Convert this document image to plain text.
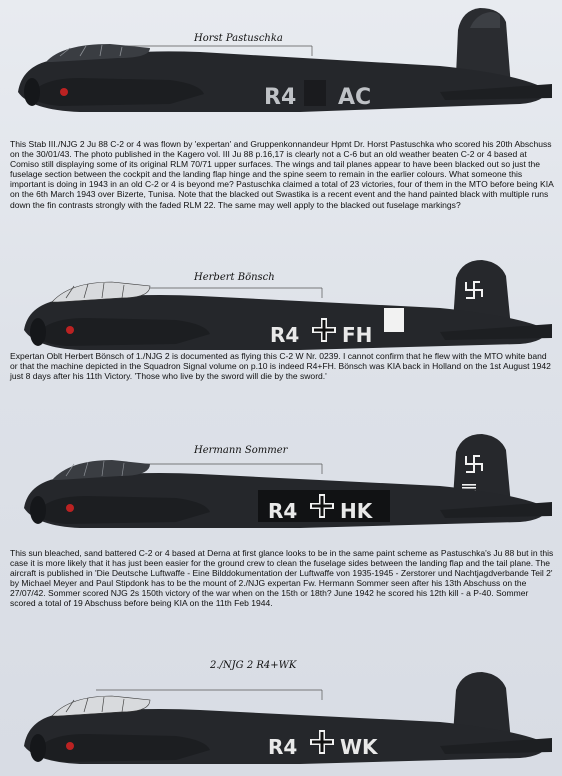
Horst Pastuschka
R4 AC
This Stab III./NJG 2 Ju 88 C-2 or 4 was flown by 'expertan' and Gruppenkonnandeur Hpmt Dr. Horst Pastuschka who scored his 20th Abschuss on the 30/01/43. The photo published in the Kagero vol. III Ju 88 p.16,17 is clearly not a C-6 but an old weather beaten C-2 or 4 based at Comiso still displaying some of its original RLM 70/71 upper surfaces. The wings and tail planes appear to have been blacked out so just the fuselage section between the cockpit and the landing flap hinge and the spine seem to remain in the earlier colours. What someone this important is doing in 1943 in an old C-2 or 4 is beyond me? Pastuschka claimed a total of 23 victories, four of them in the MTO before being KIA on the 6th March 1943 over Bizerte, Tunisa. Note that the blacked out Swastika is a recent event and the hand painted black with multiple runs down the fin contrasts strongly with the faded RLM 22. The same may well apply to the blacked out fuselage markings?
Herbert Bönsch
R4 FH
Expertan Oblt Herbert Bönsch of 1./NJG 2 is documented as flying this C-2 W Nr. 0239. I cannot confirm that he flew with the MTO white band or that the machine depicted in the Squadron Signal volume on p.10 is indeed R4+FH. Bönsch was KIA back in Holland on the 1st August 1942 just 8 days after his 11th Victory. 'Those who live by the sword will die by the sword.'
Hermann Sommer
R4 HK
This sun bleached, sand battered C-2 or 4 based at Derna at first glance looks to be in the same paint scheme as Pastuschka's Ju 88 but in this case it is more likely that it has just been easier for the ground crew to clean the fuselage sides between the landing flap and the tail plane. The aircraft is published in 'Die Deutsche Luftwaffe - Eine Bilddokumentation der Luftwaffe von 1935-1945 - Zerstorer und Nachtjagdverbande Teil 2' by Michael Meyer and Paul Stipdonk has to be the mount of 2./NJG expertan Fw. Hermann Sommer seen after his 13th Abschuss on the 27/07/42. Sommer scored NJG 2s 150th victory of the war when on the 15th or 18th? June 1942 he scored his 12th kill - a P-40. Sommer scored a total of 19 Abschuss before being KIA on the 11th Feb 1944.
2./NJG 2 R4+WK
R4 WK
